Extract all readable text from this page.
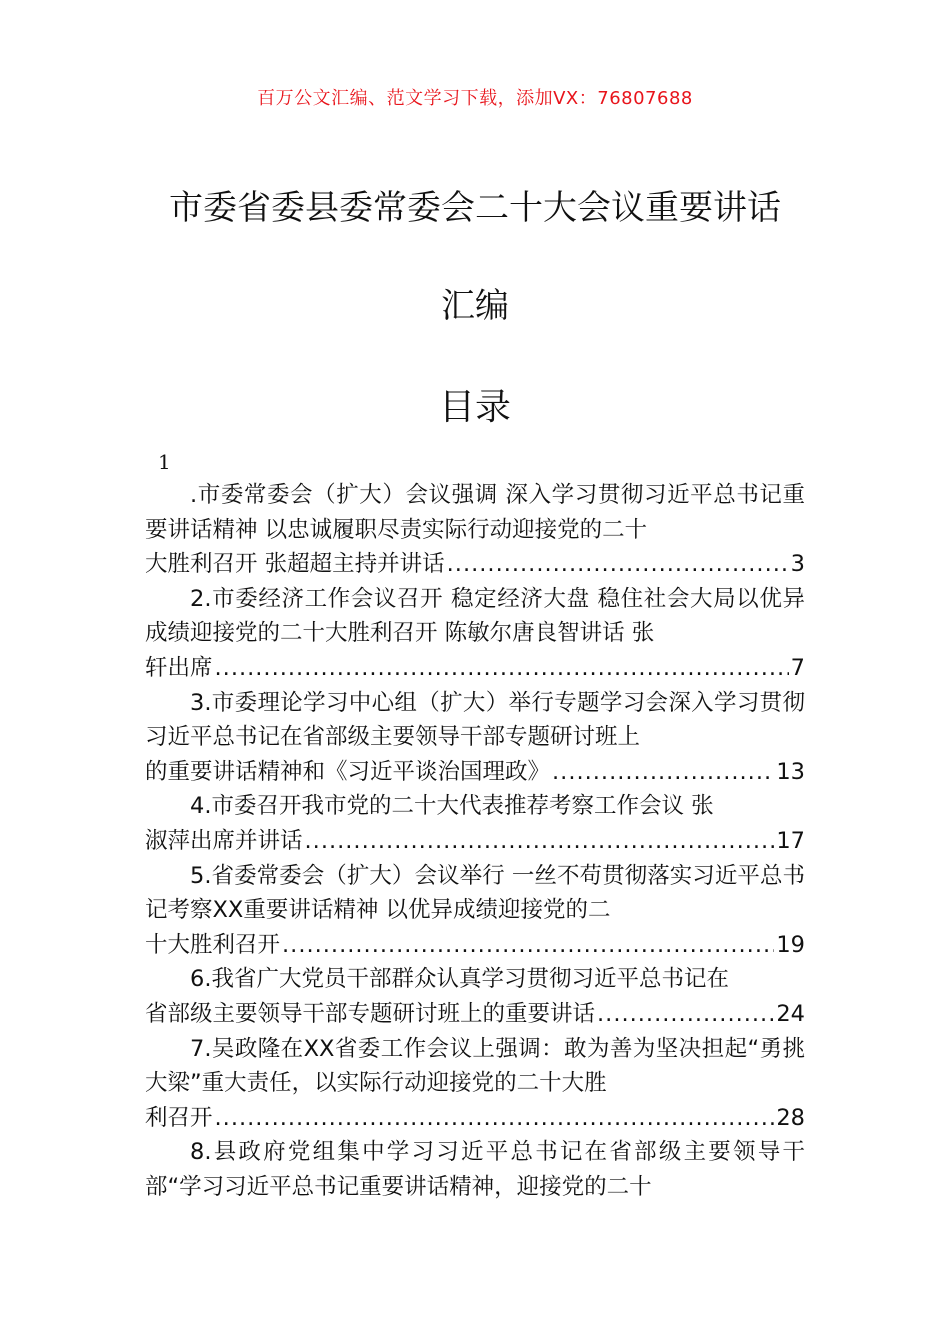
百万公文汇编、范文学习下载，添加VX：76807688
市委省委县委常委会二十大会议重要讲话
汇编
目录
1
.市委常委会（扩大）会议强调 深入学习贯彻习近平总书记重要讲话精神 以忠诚履职尽责实际行动迎接党的二十
大胜利召开 张超超主持并讲话 .....	3
2.市委经济工作会议召开 稳定经济大盘 稳住社会大局以优异成绩迎接党的二十大胜利召开 陈敏尔唐良智讲话 张
轩出席 .....	7
3.市委理论学习中心组（扩大）举行专题学习会深入学习贯彻习近平总书记在省部级主要领导干部专题研讨班上
的重要讲话精神和《习近平谈治国理政》 .....	13
4.市委召开我市党的二十大代表推荐考察工作会议 张
淑萍出席并讲话 .....	17
5.省委常委会（扩大）会议举行 一丝不苟贯彻落实习近平总书记考察XX重要讲话精神 以优异成绩迎接党的二
十大胜利召开 .....	19
6.我省广大党员干部群众认真学习贯彻习近平总书记在
省部级主要领导干部专题研讨班上的重要讲话 .....	24
7.吴政隆在XX省委工作会议上强调：敢为善为坚决担起“勇挑大梁”重大责任，以实际行动迎接党的二十大胜
利召开 .....	28
8.县政府党组集中学习习近平总书记在省部级主要领导干部“学习习近平总书记重要讲话精神，迎接党的二十
